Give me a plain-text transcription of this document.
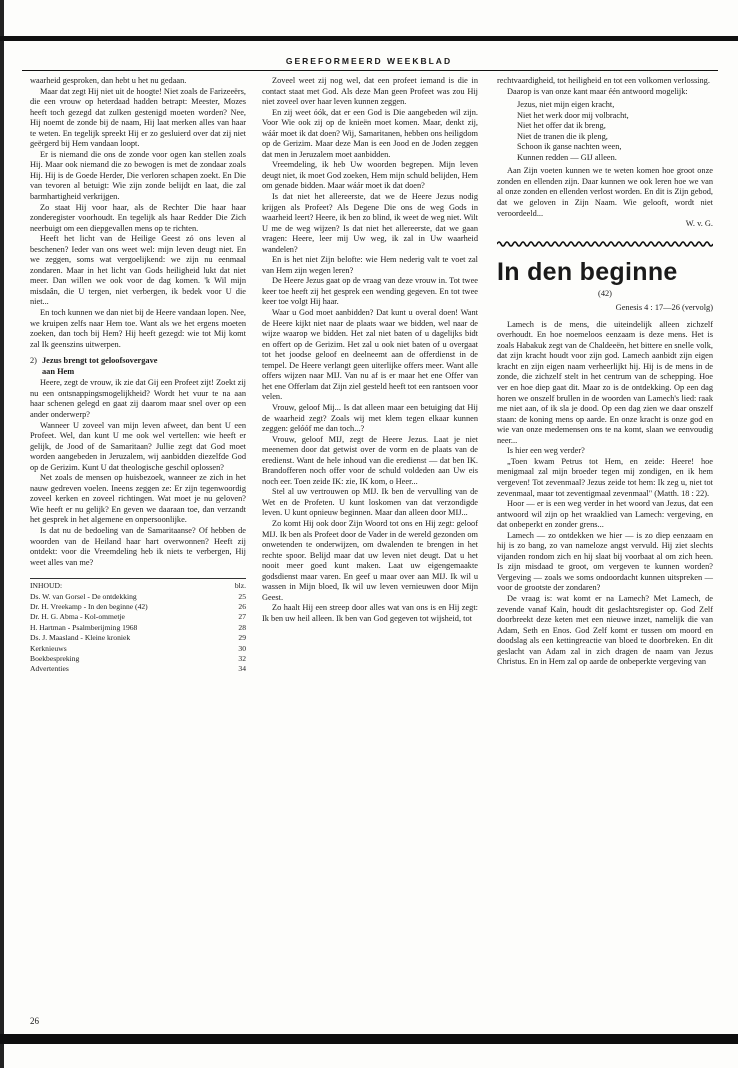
GEREFORMEERD WEEKBLAD

waarheid gesproken, dan hebt u het nu gedaan.

Maar dat zegt Hij niet uit de hoogte! Niet zoals de Farizeeërs, die een vrouw op heterdaad hadden betrapt: Meester, Mozes heeft toch gezegd dat zulken gestenigd moeten worden? Nee, Hij noemt de zonde bij de naam, Hij laat merken alles van haar te weten. En tegelijk spreekt Hij er zo gesluierd over dat zij niet geërgerd bij Hem vandaan loopt.

Er is niemand die ons de zonde voor ogen kan stellen zoals Hij. Maar ook niemand die zo bewogen is met de zondaar zoals Hij. Hij is de Goede Herder, Die verloren schapen zoekt. En Die van tevoren al betuigt: Wie zijn zonde belijdt en laat, die zal barmhartigheid verkrijgen.

Zo staat Hij voor haar, als de Rechter Die haar haar zonderegister voorhoudt. En tegelijk als haar Redder Die Zich neerbuigt om een diepgevallen mens op te richten.

Heeft het licht van de Heilige Geest zó ons leven al beschenen? Ieder van ons weet wel: mijn leven deugt niet. En we zeggen, soms wat vergoelijkend: we zijn nu eenmaal zondaren. Maar in het licht van Gods heiligheid lukt dat niet meer. Dan willen we ook voor de dag komen. 'k Wil mijn misdaân, die U tergen, niet verbergen, ik bedek voor U die niet...

En toch kunnen we dan niet bij de Heere vandaan lopen. Nee, we kruipen zelfs naar Hem toe. Want als we het ergens moeten zoeken, dan toch bij Hem? Hij heeft gezegd: wie tot Mij komt zal Ik geenszins uitwerpen.

2) Jezus brengt tot geloofsovergave
aan Hem

Heere, zegt de vrouw, ik zie dat Gij een Profeet zijt! Zoekt zij nu een ontsnappingsmogelijkheid? Wordt het vuur te na aan haar schenen gelegd en gaat zij daarom maar snel over op een ander onderwerp?

Wanneer U zoveel van mijn leven afweet, dan bent U een Profeet. Wel, dan kunt U me ook wel vertellen: wie heeft er gelijk, de Jood of de Samaritaan? Jullie zegt dat God moet worden aangebeden in Jeruzalem, wij aanbidden diezelfde God op de Gerizim. Kunt U dat theologische geschil oplossen?

Net zoals de mensen op huisbezoek, wanneer ze zich in het nauw gedreven voelen. Ineens zeggen ze: Er zijn tegenwoordig zoveel kerken en zoveel richtingen. Wat moet je nu geloven? Wie heeft er nu gelijk? En geven we daaraan toe, dan verzandt het gesprek in het algemene en onpersoonlijke.

Is dat nu de bedoeling van de Samaritaanse? Of hebben de woorden van de Heiland haar hart overwonnen? Heeft zij ontdekt: voor die Vreemdeling heb ik niets te verbergen, Hij weet alles van me?

INHOUD:	blz.
Ds. W. van Gorsel - De ontdekking	25
Dr. H. Vreekamp - In den beginne (42)	26
Dr. H. G. Abma - Kol-ommetje	27
H. Hartman - Psalmberijming 1968	28
Ds. J. Maasland - Kleine kroniek	29
Kerknieuws	30
Boekbespreking	32
Advertenties	34

Zoveel weet zij nog wel, dat een profeet iemand is die in contact staat met God. Als deze Man geen Profeet was zou Hij niet zoveel over haar leven kunnen zeggen.

En zij weet óók, dat er een God is Die aangebeden wil zijn. Voor Wie ook zij op de knieën moet komen. Maar, denkt zij, wáár moet ik dat doen? Wij, Samaritanen, hebben ons heiligdom op de Gerizim. Maar deze Man is een Jood en de Joden zeggen dat men in Jeruzalem moet aanbidden.

Vreemdeling, ik heb Uw woorden begrepen. Mijn leven deugt niet, ik moet God zoeken, Hem mijn schuld belijden, Hem om genade bidden. Maar wáár moet ik dat doen?

Is dat niet het allereerste, dat we de Heere Jezus nodig krijgen als Profeet? Als Degene Die ons de weg Gods in waarheid leert? Heere, ik ben zo blind, ik weet de weg niet. Wilt U me de weg wijzen? Is dat niet het allereerste, dat we gaan vragen: Heere, leer mij Uw weg, ik zal in Uw waarheid wandelen?

En is het niet Zijn belofte: wie Hem nederig valt te voet zal van Hem zijn wegen leren?

De Heere Jezus gaat op de vraag van deze vrouw in. Tot twee keer toe heeft zij het gesprek een wending gegeven. En tot twee keer toe volgt Hij haar.

Waar u God moet aanbidden? Dat kunt u overal doen! Want de Heere kijkt niet naar de plaats waar we bidden, wel naar de wijze waarop we bidden. Het zal niet baten of u dagelijks bidt en offert op de Gerizim. Het zal u ook niet baten of u overgaat tot het joodse geloof en deelneemt aan de offerdienst in de tempel. De Heere verlangt geen uiterlijke offers meer. Want alle offers wijzen naar MIJ. Van nu af is er maar het ene Offer van het ene Offerlam dat Zijn ziel gesteld heeft tot een rantsoen voor velen.

Vrouw, geloof Mij... Is dat alleen maar een betuiging dat Hij de waarheid zegt? Zoals wij met klem tegen elkaar kunnen zeggen: gelóóf me dan toch...?

Vrouw, geloof MIJ, zegt de Heere Jezus. Laat je niet meenemen door dat getwist over de vorm en de plaats van de eredienst. Want de hele inhoud van die eredienst — dat ben IK. Brandofferen noch offer voor de schuld voldeden aan Uw eis noch eer. Toen zeide IK: zie, IK kom, o Heer...

Stel al uw vertrouwen op MIJ. Ik ben de vervulling van de Wet en de Profeten. U kunt loskomen van dat verzondigde leven. U kunt opnieuw beginnen. Maar dan alleen door MIJ...

Zo komt Hij ook door Zijn Woord tot ons en Hij zegt: geloof MIJ. Ik ben als Profeet door de Vader in de wereld gezonden om onwetenden te onderwijzen, om dwalenden te brengen in het rechte spoor. Belijd maar dat uw leven niet deugt. Dat u het nooit meer goed kunt maken. Laat uw eigengemaakte godsdienst maar varen. En geef u maar over aan MIJ. Ik wil u wassen in Mijn bloed, Ik wil uw leven vernieuwen door Mijn Geest.

Zo haalt Hij een streep door alles wat van ons is en Hij zegt: Ik ben uw heil alleen. Ik ben van God gegeven tot wijsheid, tot

rechtvaardigheid, tot heiligheid en tot een volkomen verlossing.

Daarop is van onze kant maar één antwoord mogelijk:

Jezus, niet mijn eigen kracht,
Niet het werk door mij volbracht,
Niet het offer dat ik breng,
Niet de tranen die ik pleng,
Schoon ik ganse nachten ween,
Kunnen redden — GIJ alleen.

Aan Zijn voeten kunnen we te weten komen hoe groot onze zonden en ellenden zijn. Daar kunnen we ook leren hoe we van al onze zonden en ellenden verlost worden. En dit is Zijn gebod, dat we geloven in Zijn Naam. Wie gelooft, wordt niet veroordeeld...

W. v. G.
In den beginne
(42)
Genesis 4 : 17—26 (vervolg)

Lamech is de mens, die uiteindelijk alleen zichzelf overhoudt. En hoe noemeloos eenzaam is deze mens. Het is zoals Habakuk zegt van de Chaldeeën, het bittere en snelle volk, dat zijn kracht houdt voor zijn god. Lamech aanbidt zijn eigen kracht en zijn eigen naam verheerlijkt hij. Hij is de mens in de zonde, die zichzelf stelt in het centrum van de schepping. Hoe ver en hoe diep gaat dit. Maar zo is de ontdekking. Op een dag horen we onszelf brullen in de woorden van Lamech's lied: raak me niet aan, of ik sla je dood. Op een dag zien we daar onszelf staan: de koning mens op aarde. En onze kracht is onze god en wie van onze medemensen ons te na komt, slaan we eenvoudig neer...

Is hier een weg verder?

„Toen kwam Petrus tot Hem, en zeide: Heere! hoe menigmaal zal mijn broeder tegen mij zondigen, en ik hem vergeven! Tot zevenmaal? Jezus zeide tot hem: Ik zeg u, niet tot zevenmaal, maar tot zeventigmaal zevenmaal" (Matth. 18 : 22).

Hoor — er is een weg verder in het woord van Jezus, dat een antwoord wil zijn op het wraaklied van Lamech: vergeving, en dat onbeperkt en zonder grens...

Lamech — zo ontdekken we hier — is zo diep eenzaam en hij is zo bang, zo van nameloze angst vervuld. Hij ziet slechts vijanden rondom zich en hij slaat bij voorbaat al om zich heen. Is zijn misdaad te groot, om vergeven te kunnen worden? Vergeving — zoals we soms ondoordacht kunnen uitspreken — voor de grootste der zondaren?

De vraag is: wat komt er na Lamech? Met Lamech, de zevende vanaf Kaïn, houdt dit geslachtsregister op. God Zelf doorbreekt deze keten met een nieuwe inzet, namelijk die van Adam, Seth en Enos. God Zelf komt er tussen om moord en doodslag als een kettingreactie van bloed te doorbreken. En dit geslacht van Adam zal in zich dragen de naam van Jezus Christus. En in Hem zal op aarde de onbeperkte vergeving van

26
